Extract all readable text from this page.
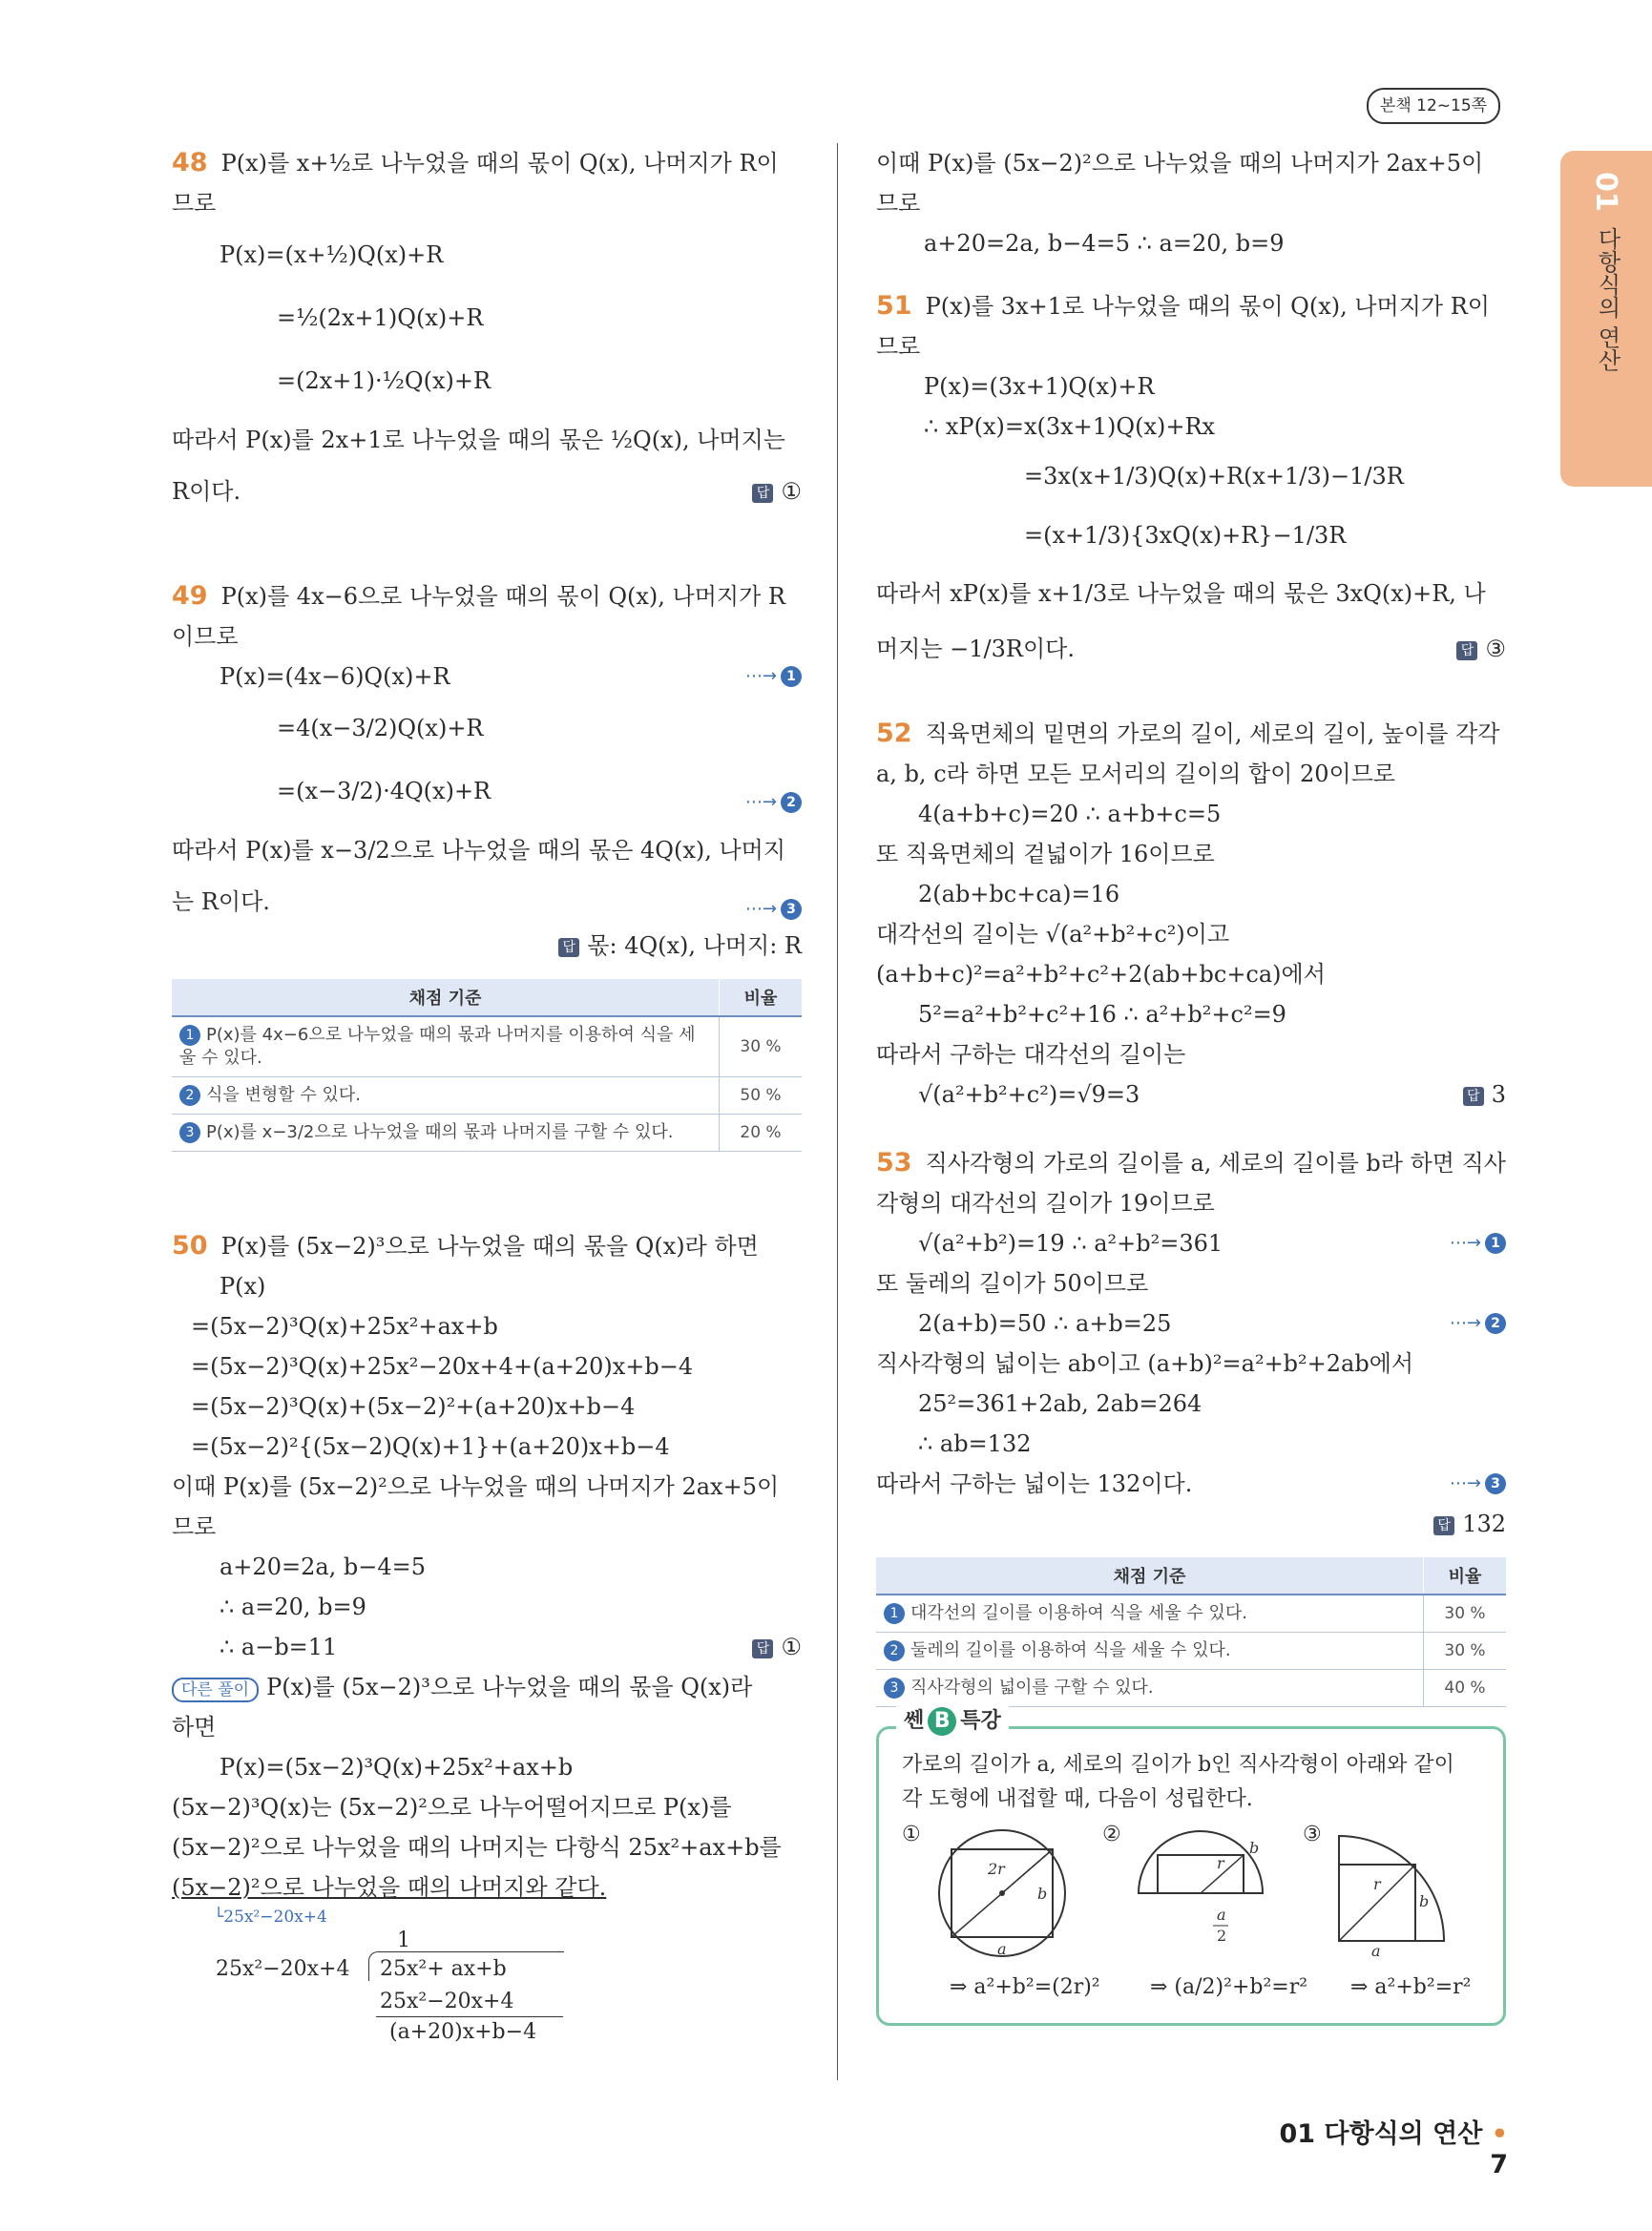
본책 12~15쪽
01
다항식의 연산
48 P(x)를 x+½로 나누었을 때의 몫이 Q(x), 나머지가 R이
므로
P(x)=(x+½)Q(x)+R
=½(2x+1)Q(x)+R
=(2x+1)·½Q(x)+R
따라서 P(x)를 2x+1로 나누었을 때의 몫은 ½Q(x), 나머지는
R이다.	답 ①
49 P(x)를 4x−6으로 나누었을 때의 몫이 Q(x), 나머지가 R
이므로
P(x)=(4x−6)Q(x)+R	⋯→ 1
=4(x−3/2)Q(x)+R
=(x−3/2)·4Q(x)+R	⋯→ 2
따라서 P(x)를 x−3/2으로 나누었을 때의 몫은 4Q(x), 나머지
는 R이다.	⋯→ 3
답 몫: 4Q(x), 나머지: R
채점 기준	비율
1 P(x)를 4x−6으로 나누었을 때의 몫과 나머지를 이용하여 식을 세울 수 있다.	30 %
2 식을 변형할 수 있다.	50 %
3 P(x)를 x−3/2으로 나누었을 때의 몫과 나머지를 구할 수 있다.	20 %
50 P(x)를 (5x−2)³으로 나누었을 때의 몫을 Q(x)라 하면
P(x)
=(5x−2)³Q(x)+25x²+ax+b
=(5x−2)³Q(x)+25x²−20x+4+(a+20)x+b−4
=(5x−2)³Q(x)+(5x−2)²+(a+20)x+b−4
=(5x−2)²{(5x−2)Q(x)+1}+(a+20)x+b−4
이때 P(x)를 (5x−2)²으로 나누었을 때의 나머지가 2ax+5이
므로
a+20=2a, b−4=5
∴ a=20, b=9
∴ a−b=11	답 ①
다른 풀이 P(x)를 (5x−2)³으로 나누었을 때의 몫을 Q(x)라
하면
P(x)=(5x−2)³Q(x)+25x²+ax+b
(5x−2)³Q(x)는 (5x−2)²으로 나누어떨어지므로 P(x)를
(5x−2)²으로 나누었을 때의 나머지는 다항식 25x²+ax+b를
(5x−2)²으로 나누었을 때의 나머지와 같다.
└25x²−20x+4
1
25x²−20x+4 25x²+ ax+b
25x²−20x+4
(a+20)x+b−4
이때 P(x)를 (5x−2)²으로 나누었을 때의 나머지가 2ax+5이
므로
a+20=2a, b−4=5 ∴ a=20, b=9
51 P(x)를 3x+1로 나누었을 때의 몫이 Q(x), 나머지가 R이
므로
P(x)=(3x+1)Q(x)+R
∴ xP(x)=x(3x+1)Q(x)+Rx
=3x(x+1/3)Q(x)+R(x+1/3)−1/3R
=(x+1/3){3xQ(x)+R}−1/3R
따라서 xP(x)를 x+1/3로 나누었을 때의 몫은 3xQ(x)+R, 나
머지는 −1/3R이다.	답 ③
52 직육면체의 밑면의 가로의 길이, 세로의 길이, 높이를 각각
a, b, c라 하면 모든 모서리의 길이의 합이 20이므로
4(a+b+c)=20 ∴ a+b+c=5
또 직육면체의 겉넓이가 16이므로
2(ab+bc+ca)=16
대각선의 길이는 √(a²+b²+c²)이고
(a+b+c)²=a²+b²+c²+2(ab+bc+ca)에서
5²=a²+b²+c²+16 ∴ a²+b²+c²=9
따라서 구하는 대각선의 길이는
√(a²+b²+c²)=√9=3	답 3
53 직사각형의 가로의 길이를 a, 세로의 길이를 b라 하면 직사
각형의 대각선의 길이가 19이므로
√(a²+b²)=19 ∴ a²+b²=361	⋯→ 1
또 둘레의 길이가 50이므로
2(a+b)=50 ∴ a+b=25	⋯→ 2
직사각형의 넓이는 ab이고 (a+b)²=a²+b²+2ab에서
25²=361+2ab, 2ab=264
∴ ab=132
따라서 구하는 넓이는 132이다.	⋯→ 3
답 132
채점 기준	비율
1 대각선의 길이를 이용하여 식을 세울 수 있다.	30 %
2 둘레의 길이를 이용하여 식을 세울 수 있다.	30 %
3 직사각형의 넓이를 구할 수 있다.	40 %
쎈 B 특강
가로의 길이가 a, 세로의 길이가 b인 직사각형이 아래와 같이
각 도형에 내접할 때, 다음이 성립한다.
①
2r
b
a
②
r
b
a
2
③
r
b
a
⇒ a²+b²=(2r)² ⇒ (a/2)²+b²=r² ⇒ a²+b²=r²
01 다항식의 연산 • 7
